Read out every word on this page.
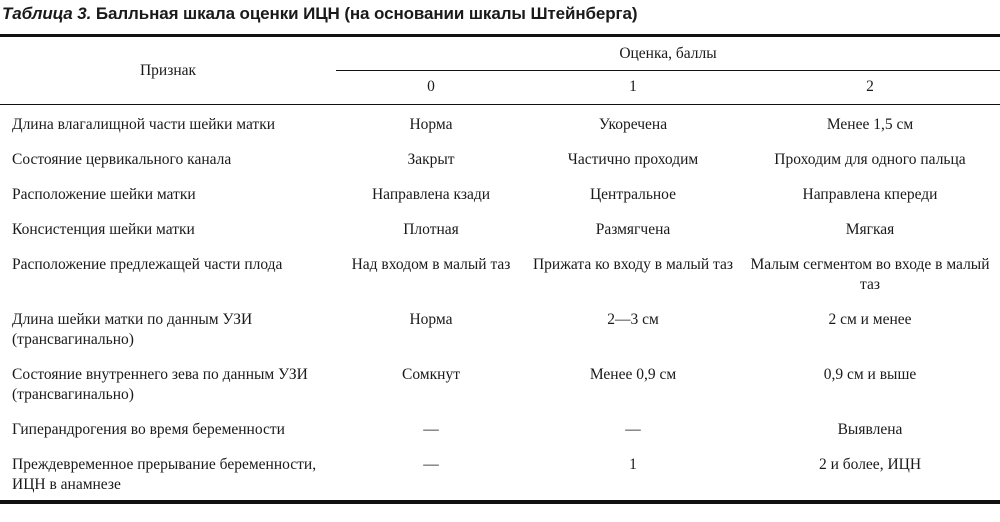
Таблица 3. Балльная шкала оценки ИЦН (на основании шкалы Штейнберга)
Признак	Оценка, баллы		
	0	1	2
Длина влагалищной части шейки матки	Норма	Укоречена	Менее 1,5 см
Состояние цервикального канала	Закрыт	Частично проходим	Проходим для одного пальца
Расположение шейки матки	Направлена кзади	Центральное	Направлена кпереди
Консистенция шейки матки	Плотная	Размягчена	Мягкая
Расположение предлежащей части плода	Над входом в малый таз	Прижата ко входу в малый таз	Малым сегментом во входе в малый таз
Длина шейки матки по данным УЗИ (трансвагинально)	Норма	2—3 см	2 см и менее
Состояние внутреннего зева по данным УЗИ (трансвагинально)	Сомкнут	Менее 0,9 см	0,9 см и выше
Гиперандрогения во время беременности	—	—	Выявлена
Преждевременное прерывание беременности, ИЦН в анамнезе	—	1	2 и более, ИЦН
